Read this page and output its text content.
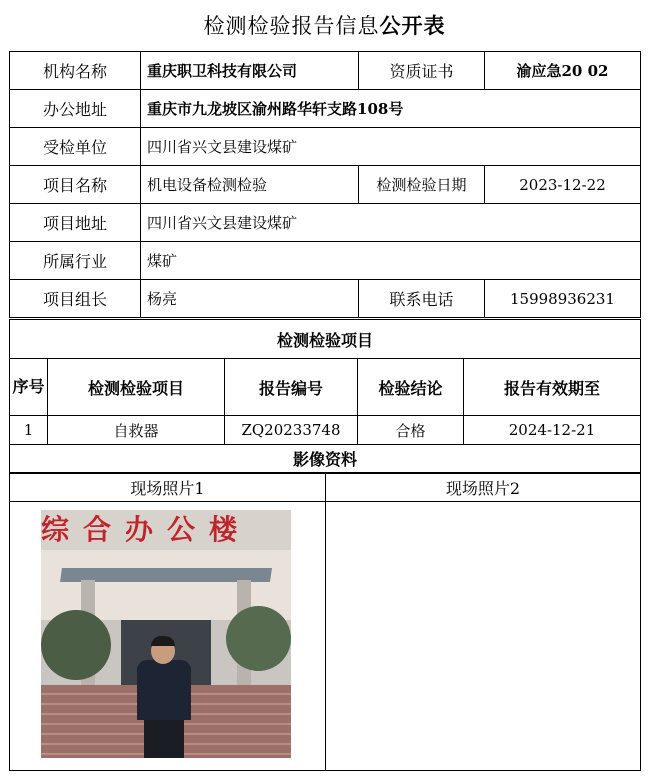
检测检验报告信息公开表
机构名称	重庆职卫科技有限公司	资质证书	渝应急20 02
办公地址	重庆市九龙坡区渝州路华轩支路108号		
受检单位	四川省兴文县建设煤矿		
项目名称	机电设备检测检验	检测检验日期	2023-12-22
项目地址	四川省兴文县建设煤矿		
所属行业	煤矿		
项目组长	杨亮	联系电话	15998936231
检测检验项目				
序号	检测检验项目	报告编号	检验结论	报告有效期至
1	自救器	ZQ20233748	合格	2024-12-21
影像资料				
现场照片1	现场照片2

综合办公楼	
